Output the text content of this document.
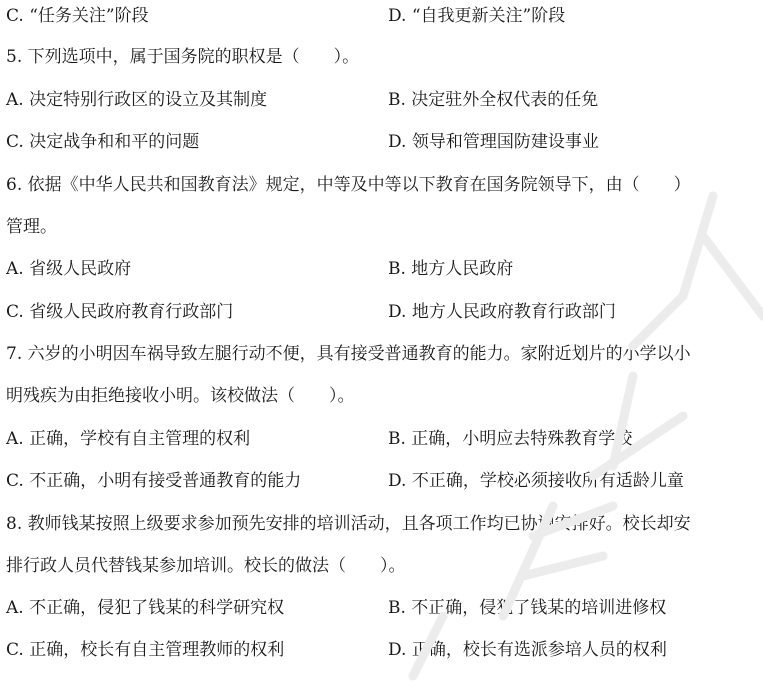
C. “任务关注”阶段	D. “自我更新关注”阶段
5. 下列选项中，属于国务院的职权是（　　）。
A. 决定特别行政区的设立及其制度	B. 决定驻外全权代表的任免
C. 决定战争和和平的问题	D. 领导和管理国防建设事业
6. 依据《中华人民共和国教育法》规定，中等及中等以下教育在国务院领导下，由（　　）
管理。
A. 省级人民政府	B. 地方人民政府
C. 省级人民政府教育行政部门	D. 地方人民政府教育行政部门
7. 六岁的小明因车祸导致左腿行动不便，具有接受普通教育的能力。家附近划片的小学以小
明残疾为由拒绝接收小明。该校做法（　　）。
A. 正确，学校有自主管理的权利	B. 正确，小明应去特殊教育学校
C. 不正确，小明有接受普通教育的能力	D. 不正确，学校必须接收所有适龄儿童
8. 教师钱某按照上级要求参加预先安排的培训活动，且各项工作均已协调安排好。校长却安
排行政人员代替钱某参加培训。校长的做法（　　）。
A. 不正确，侵犯了钱某的科学研究权	B. 不正确，侵犯了钱某的培训进修权
C. 正确，校长有自主管理教师的权利	D. 正确，校长有选派参培人员的权利
